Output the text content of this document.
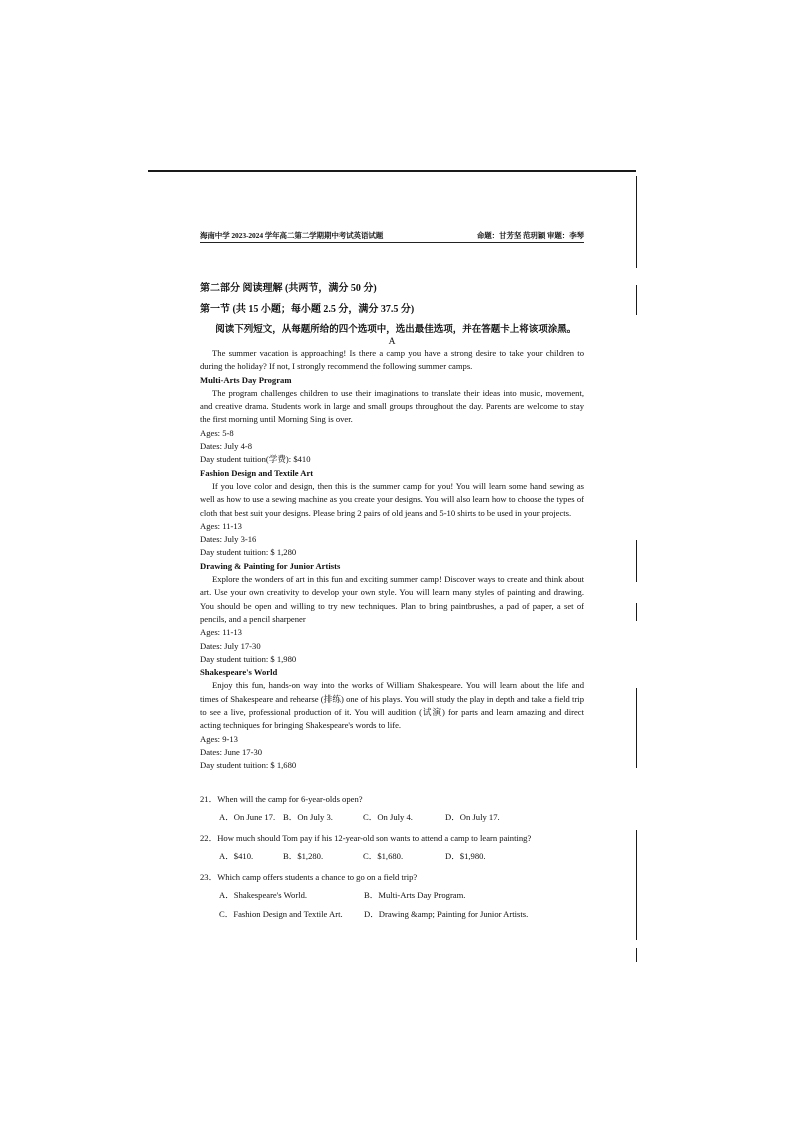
海南中学 2023-2024 学年高二第二学期期中考试英语试题	命题：甘芳坚 范玥颖 审题：李琴
第二部分 阅读理解 (共两节，满分 50 分)
第一节 (共 15 小题；每小题 2.5 分，满分 37.5 分)
阅读下列短文，从每题所给的四个选项中，选出最佳选项，并在答题卡上将该项涂黑。
A

The summer vacation is approaching! Is there a camp you have a strong desire to take your children to during the holiday? If not, I strongly recommend the following summer camps.

Multi-Arts Day Program

The program challenges children to use their imaginations to translate their ideas into music, movement, and creative drama. Students work in large and small groups throughout the day. Parents are welcome to stay the first morning until Morning Sing is over.

Ages: 5-8

Dates: July 4-8

Day student tuition(学费): $410

Fashion Design and Textile Art

If you love color and design, then this is the summer camp for you! You will learn some hand sewing as well as how to use a sewing machine as you create your designs. You will also learn how to choose the types of cloth that best suit your designs. Please bring 2 pairs of old jeans and 5-10 shirts to be used in your projects.

Ages: 11-13

Dates: July 3-16

Day student tuition: $ 1,280

Drawing & Painting for Junior Artists

Explore the wonders of art in this fun and exciting summer camp! Discover ways to create and think about art. Use your own creativity to develop your own style. You will learn many styles of painting and drawing. You should be open and willing to try new techniques. Plan to bring paintbrushes, a pad of paper, a set of pencils, and a pencil sharpener

Ages: 11-13

Dates: July 17-30

Day student tuition: $ 1,980

Shakespeare's World

Enjoy this fun, hands-on way into the works of William Shakespeare. You will learn about the life and times of Shakespeare and rehearse (排练) one of his plays. You will study the play in depth and take a field trip to see a live, professional production of it. You will audition (试演) for parts and learn amazing and direct acting techniques for bringing Shakespeare's words to life.

Ages: 9-13

Dates: June 17-30

Day student tuition: $ 1,680

21．When will the camp for 6-year-olds open?

A．On June 17. B．On July 3.	C．On July 4.	D．On July 17.

22．How much should Tom pay if his 12-year-old son wants to attend a camp to learn painting?

A．$410.	B．$1,280.	C．$1,680.	D．$1,980.

23．Which camp offers students a chance to go on a field trip?

A．Shakespeare's World.	B．Multi-Arts Day Program.
C．Fashion Design and Textile Art.	D．Drawing &amp; Painting for Junior Artists.
